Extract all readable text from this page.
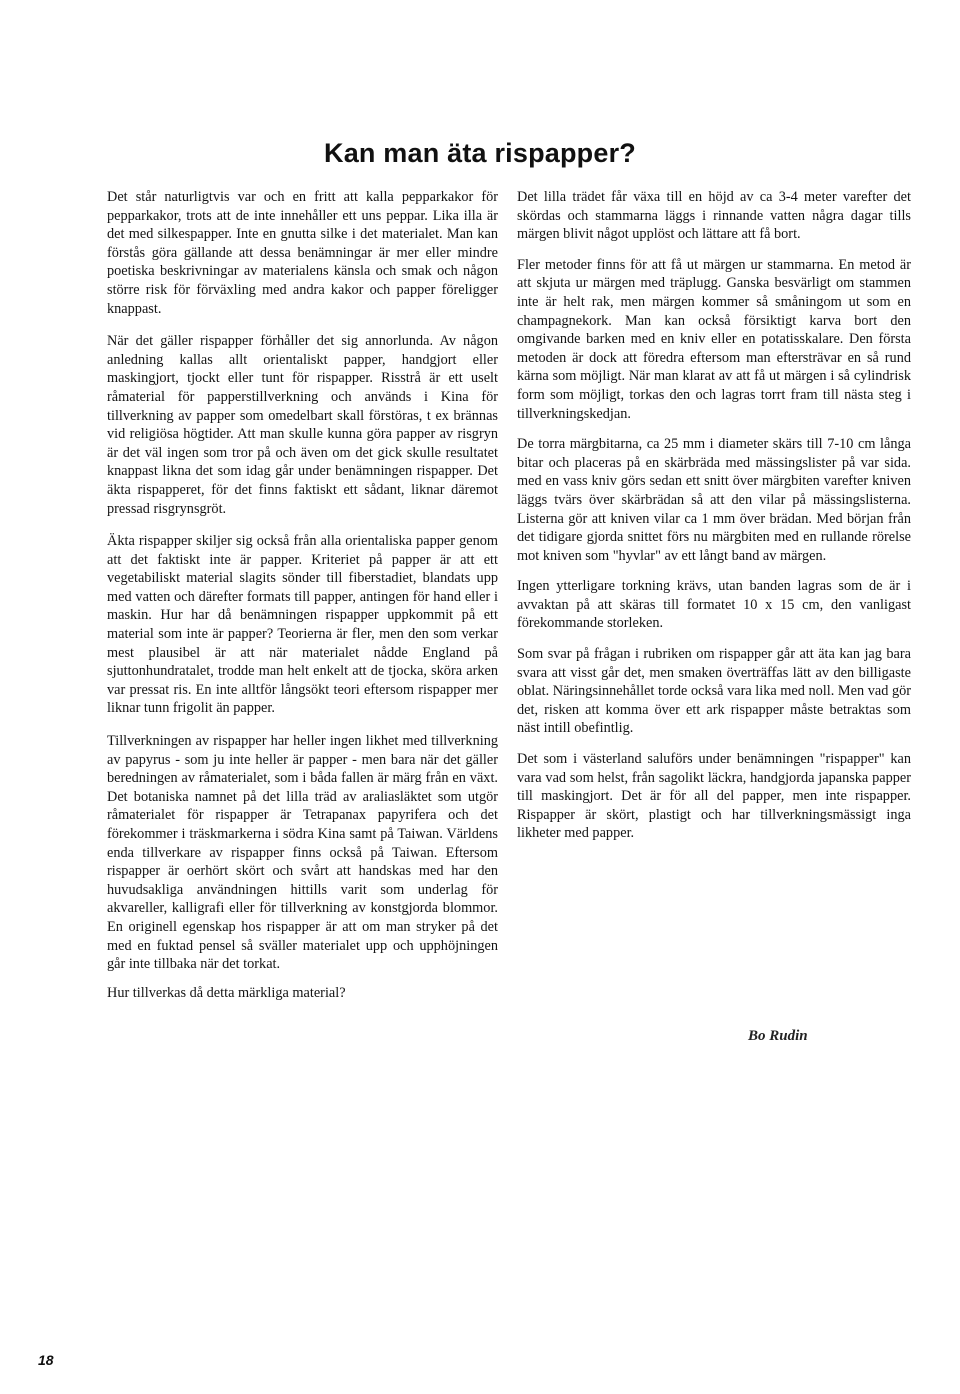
Kan man äta rispapper?

Det står naturligtvis var och en fritt att kalla pepparkakor för pepparkakor, trots att de inte innehåller ett uns peppar. Lika illa är det med silkespapper. Inte en gnutta silke i det materialet. Man kan förstås göra gällande att dessa benämningar är mer eller mindre poetiska beskrivningar av materialens känsla och smak och någon större risk för förväxling med andra kakor och papper föreligger knappast.

När det gäller rispapper förhåller det sig annorlunda. Av någon anledning kallas allt orientaliskt papper, handgjort eller maskingjort, tjockt eller tunt för rispapper. Risstrå är ett uselt råmaterial för papperstillverkning och används i Kina för tillverkning av papper som omedelbart skall förstöras, t ex brännas vid religiösa högtider. Att man skulle kunna göra papper av risgryn är det väl ingen som tror på och även om det gick skulle resultatet knappast likna det som idag går under benämningen rispapper. Det äkta rispapperet, för det finns faktiskt ett sådant, liknar däremot pressad risgrynsgröt.

Äkta rispapper skiljer sig också från alla orientaliska papper genom att det faktiskt inte är papper. Kriteriet på papper är att ett vegetabiliskt material slagits sönder till fiberstadiet, blandats upp med vatten och därefter formats till papper, antingen för hand eller i maskin. Hur har då benämningen rispapper uppkommit på ett material som inte är papper? Teorierna är fler, men den som verkar mest plausibel är att när materialet nådde England på sjuttonhundratalet, trodde man helt enkelt att de tjocka, sköra arken var pressat ris. En inte alltför långsökt teori eftersom rispapper mer liknar tunn frigolit än papper.

Tillverkningen av rispapper har heller ingen likhet med tillverkning av papyrus - som ju inte heller är papper - men bara när det gäller beredningen av råmaterialet, som i båda fallen är märg från en växt. Det botaniska namnet på det lilla träd av araliasläktet som utgör råmaterialet för rispapper är Tetrapanax papyrifera och det förekommer i träskmarkerna i södra Kina samt på Taiwan. Världens enda tillverkare av rispapper finns också på Taiwan. Eftersom rispapper är oerhört skört och svårt att handskas med har den huvudsakliga användningen hittills varit som underlag för akvareller, kalligrafi eller för tillverkning av konstgjorda blommor. En originell egenskap hos rispapper är att om man stryker på det med en fuktad pensel så sväller materialet upp och upphöjningen går inte tillbaka när det torkat.

Hur tillverkas då detta märkliga material?

Det lilla trädet får växa till en höjd av ca 3-4 meter varefter det skördas och stammarna läggs i rinnande vatten några dagar tills märgen blivit något upplöst och lättare att få bort.

Fler metoder finns för att få ut märgen ur stammarna. En metod är att skjuta ur märgen med träplugg. Ganska besvärligt om stammen inte är helt rak, men märgen kommer så småningom ut som en champagnekork. Man kan också försiktigt karva bort den omgivande barken med en kniv eller en potatisskalare. Den första metoden är dock att föredra eftersom man eftersträvar en så rund kärna som möjligt. När man klarat av att få ut märgen i så cylindrisk form som möjligt, torkas den och lagras torrt fram till nästa steg i tillverkningskedjan.

De torra märgbitarna, ca 25 mm i diameter skärs till 7-10 cm långa bitar och placeras på en skärbräda med mässingslister på var sida. med en vass kniv görs sedan ett snitt över märgbiten varefter kniven läggs tvärs över skärbrädan så att den vilar på mässingslisterna. Listerna gör att kniven vilar ca 1 mm över brädan. Med början från det tidigare gjorda snittet förs nu märgbiten med en rullande rörelse mot kniven som "hyvlar" av ett långt band av märgen.

Ingen ytterligare torkning krävs, utan banden lagras som de är i avvaktan på att skäras till formatet 10 x 15 cm, den vanligast förekommande storleken.

Som svar på frågan i rubriken om rispapper går att äta kan jag bara svara att visst går det, men smaken överträffas lätt av den billigaste oblat. Näringsinnehållet torde också vara lika med noll. Men vad gör det, risken att komma över ett ark rispapper måste betraktas som näst intill obefintlig.

Det som i västerland saluförs under benämningen "rispapper" kan vara vad som helst, från sagolikt läckra, handgjorda japanska papper till maskingjort. Det är för all del papper, men inte rispapper. Rispapper är skört, plastigt och har tillverkningsmässigt inga likheter med papper.

Bo Rudin
18
